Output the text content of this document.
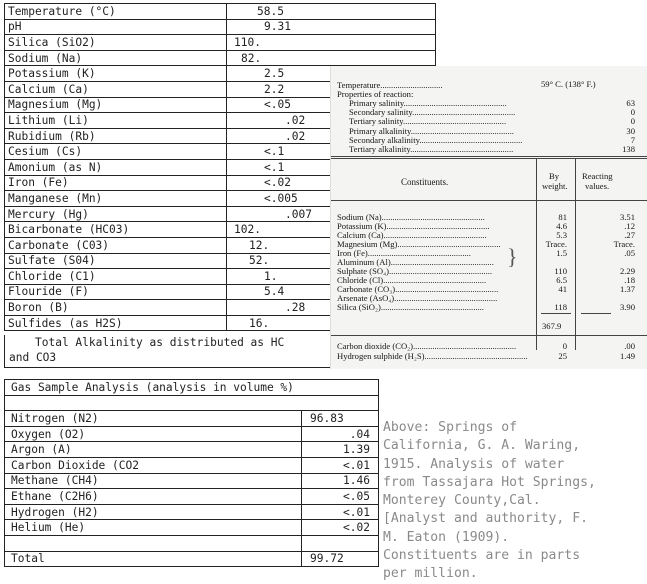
Temperature (°C)	58.5
pH	9.31
Silica (SiO2)	110.
Sodium (Na)	82.
Potassium (K)	2.5
Calcium (Ca)	2.2
Magnesium (Mg)	<.05
Lithium (Li)	.02
Rubidium (Rb)	.02
Cesium (Cs)	<.1
Amonium (as N)	<.1
Iron (Fe)	<.02
Manganese (Mn)	<.005
Mercury (Hg)	.007
Bicarbonate (HC03)	102.
Carbonate (C03)	12.
Sulfate (S04)	52.
Chloride (C1)	1.
Flouride (F)	5.4
Boron (B)	.28
Sulfides (as H2S)	16.
Total Alkalinity as distributed as HC
and CO3
Gas Sample Analysis (analysis in volume %)	

Nitrogen (N2)	96.83
Oxygen (O2)	.04
Argon (A)	1.39
Carbon Dioxide (CO2	<.01
Methane (CH4)	1.46
Ethane (C2H6)	<.05
Hydrogen (H2)	<.01
Helium (He)	<.02

Total	99.72
Temperature.............................	59° C. (138° F.)
Properties of reaction:
Primary salinity................................................	63
Secondary salinity................................................	0
Tertiary salinity................................................	0
Primary alkalinity................................................	30
Secondary alkalinity................................................	7
Tertiary alkalinity................................................	138
Constituents.
By
weight.
Reacting
values.
Sodium (Na)................................................	81	3.51
Potassium (K)................................................	4.6	.12
Calcium (Ca)................................................	5.3	.27
Magnesium (Mg)................................................	Trace.	Trace.
Iron (Fe)................................................	1.5	.05
Aluminum (Al)................................................
Sulphate (SO₄)................................................	110	2.29
Chloride (Cl)................................................	6.5	.18
Carbonate (CO₃)................................................	41	1.37
Arsenate (AsO₄)................................................
Silica (SiO₂)................................................	118	3.90
}
367.9
Carbon dioxide (CO₂)................................................	0	.00
Hydrogen sulphide (H₂S)................................................	25	1.49
Above: Springs of
California, G. A. Waring,
1915. Analysis of water
from Tassajara Hot Springs,
Monterey County,Cal.
[Analyst and authority, F.
M. Eaton (1909).
Constituents are in parts
per million.
